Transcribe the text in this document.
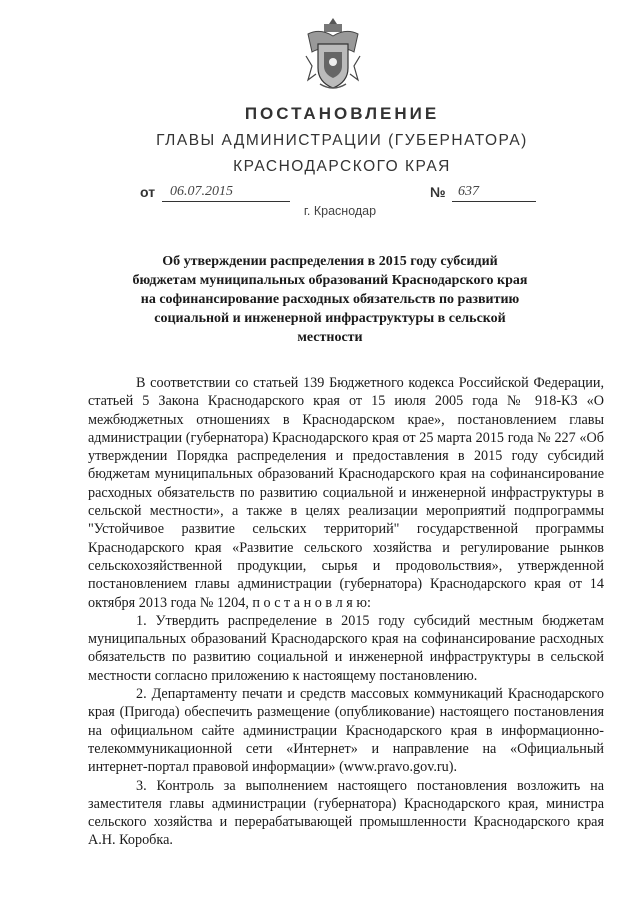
ПОСТАНОВЛЕНИЕ
ГЛАВЫ АДМИНИСТРАЦИИ (ГУБЕРНАТОРА)
КРАСНОДАРСКОГО КРАЯ
от	06.07.2015	№ 637
г. Краснодар
Об утверждении распределения в 2015 году субсидий бюджетам муниципальных образований Краснодарского края на софинансирование расходных обязательств по развитию социальной и инженерной инфраструктуры в сельской местности

В соответствии со статьей 139 Бюджетного кодекса Российской Федерации, статьей 5 Закона Краснодарского края от 15 июля 2005 года № 918-КЗ «О межбюджетных отношениях в Краснодарском крае», постановлением главы администрации (губернатора) Краснодарского края от 25 марта 2015 года № 227 «Об утверждении Порядка распределения и предоставления в 2015 году субсидий бюджетам муниципальных образований Краснодарского края на софинансирование расходных обязательств по развитию социальной и инженерной инфраструктуры в сельской местности», а также в целях реализации мероприятий подпрограммы "Устойчивое развитие сельских территорий" государственной программы Краснодарского края «Развитие сельского хозяйства и регулирование рынков сельскохозяйственной продукции, сырья и продовольствия», утвержденной постановлением главы администрации (губернатора) Краснодарского края от 14 октября 2013 года № 1204, п о с т а н о в л я ю:

1. Утвердить распределение в 2015 году субсидий местным бюджетам муниципальных образований Краснодарского края на софинансирование расходных обязательств по развитию социальной и инженерной инфраструктуры в сельской местности согласно приложению к настоящему постановлению.

2. Департаменту печати и средств массовых коммуникаций Краснодарского края (Пригода) обеспечить размещение (опубликование) настоящего постановления на официальном сайте администрации Краснодарского края в информационно-телекоммуникационной сети «Интернет» и направление на «Официальный интернет-портал правовой информации» (www.pravo.gov.ru).

3. Контроль за выполнением настоящего постановления возложить на заместителя главы администрации (губернатора) Краснодарского края, министра сельского хозяйства и перерабатывающей промышленности Краснодарского края А.Н. Коробка.
